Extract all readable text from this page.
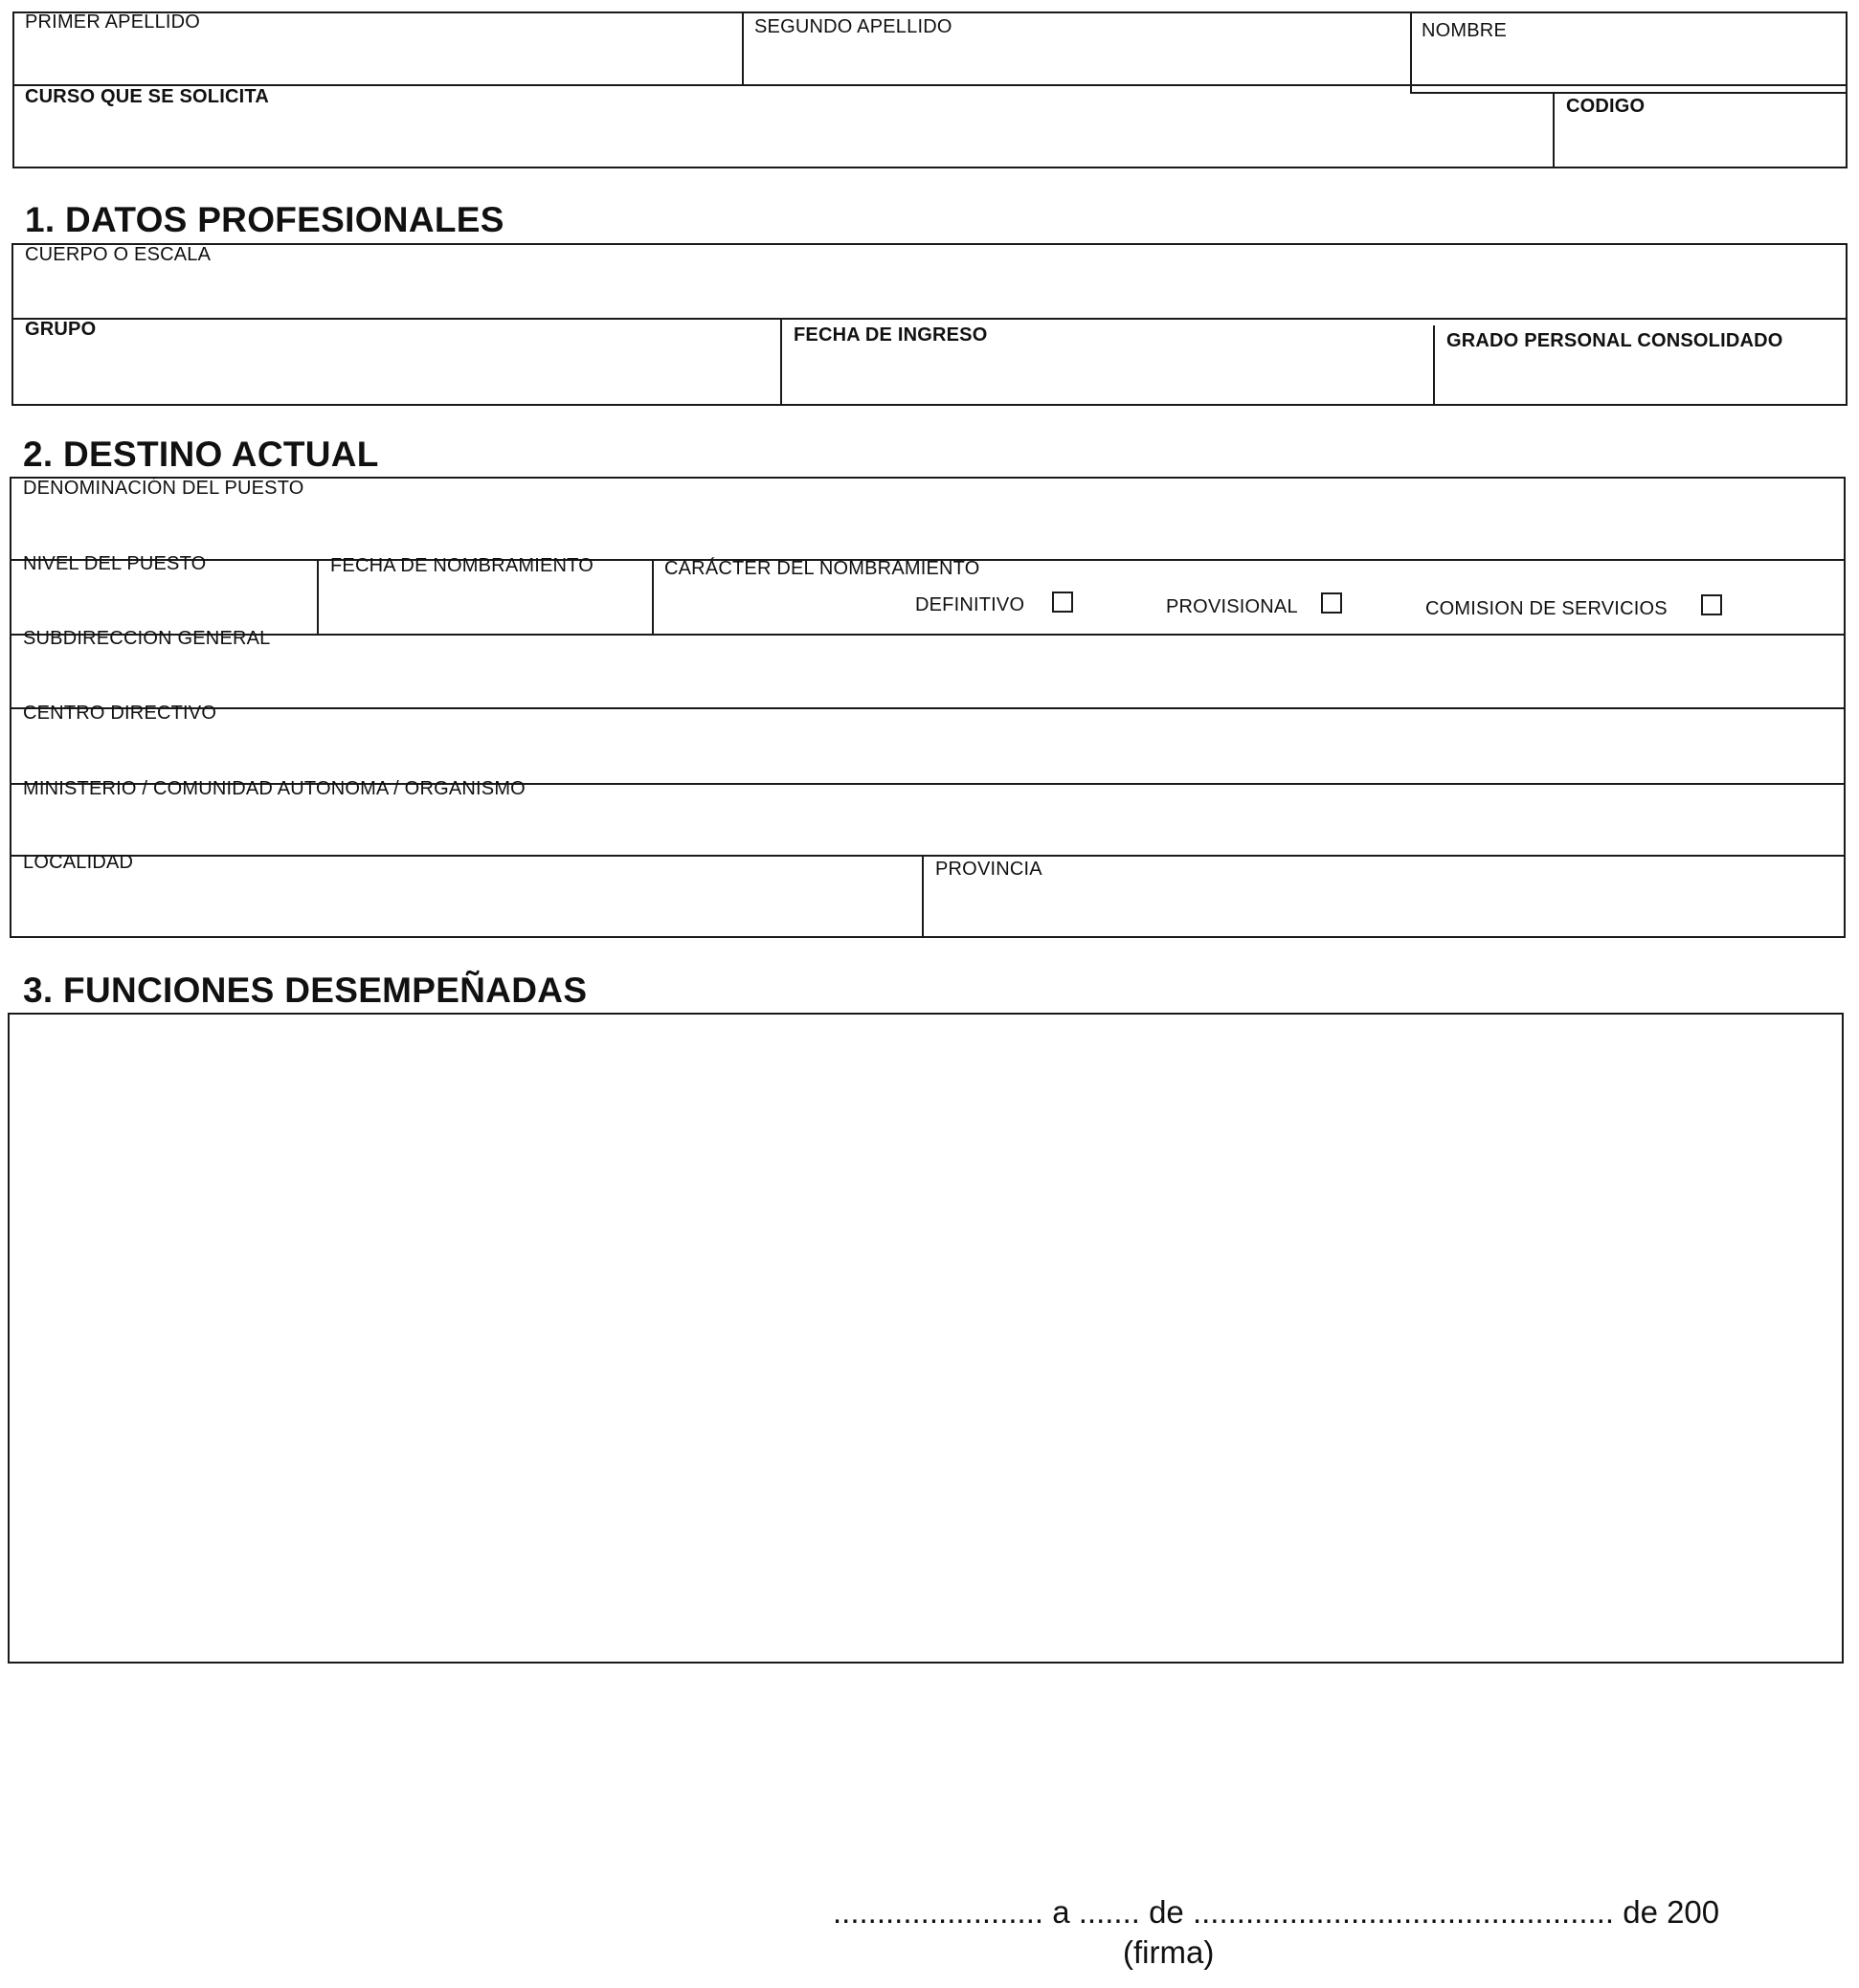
PRIMER APELLIDO	SEGUNDO APELLIDO	NOMBRE
CURSO QUE SE SOLICITA	CODIGO
1. DATOS PROFESIONALES
CUERPO O ESCALA
GRUPO	FECHA DE INGRESO	GRADO PERSONAL CONSOLIDADO
2. DESTINO ACTUAL
DENOMINACIÓN DEL PUESTO
NIVEL DEL PUESTO	FECHA DE NOMBRAMIENTO	CARÁCTER DEL NOMBRAMIENTO
DEFINITIVO	PROVISIONAL	COMISION DE SERVICIOS
SUBDIRECCION GENERAL
CENTRO DIRECTIVO
MINISTERIO / COMUNIDAD AUTONOMA / ORGANISMO
LOCALIDAD	PROVINCIA
3. FUNCIONES DESEMPEÑADAS
........................ a ....... de ................................................ de 200
(firma)
